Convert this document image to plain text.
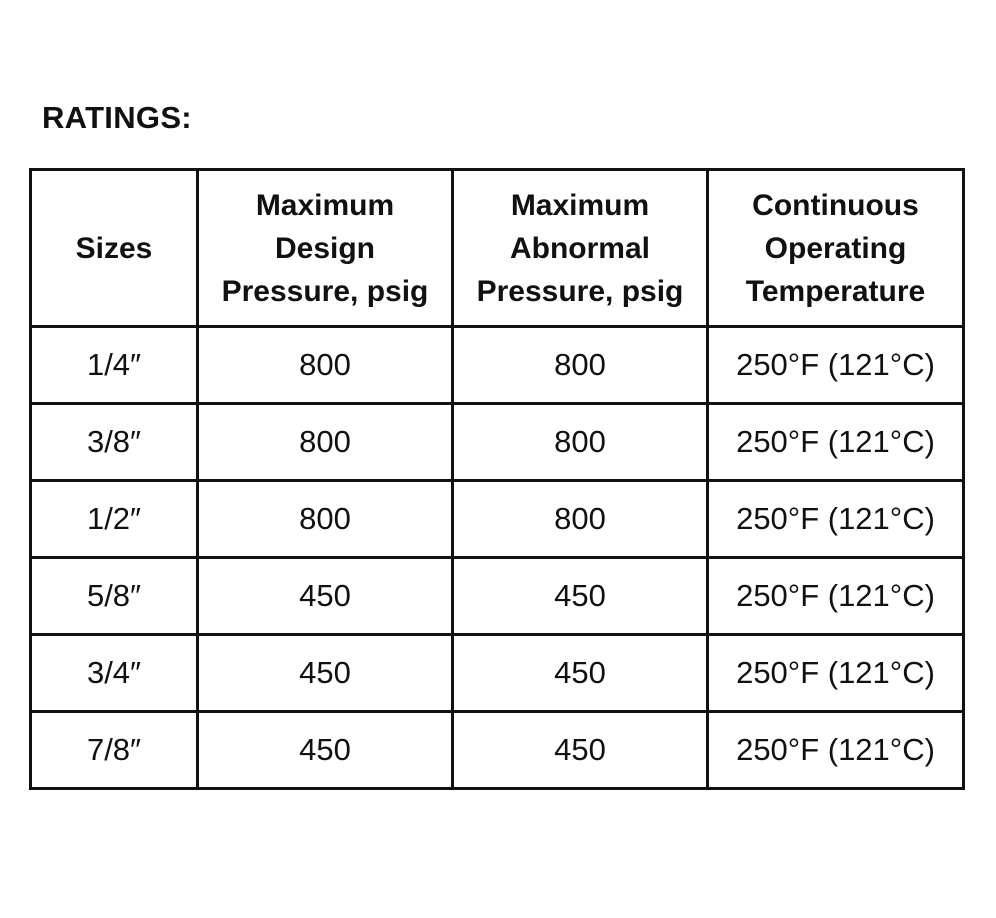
RATINGS:
Sizes	Maximum Design Pressure, psig	Maximum Abnormal Pressure, psig	Continuous Operating Temperature
1/4″	800	800	250°F (121°C)
3/8″	800	800	250°F (121°C)
1/2″	800	800	250°F (121°C)
5/8″	450	450	250°F (121°C)
3/4″	450	450	250°F (121°C)
7/8″	450	450	250°F (121°C)
